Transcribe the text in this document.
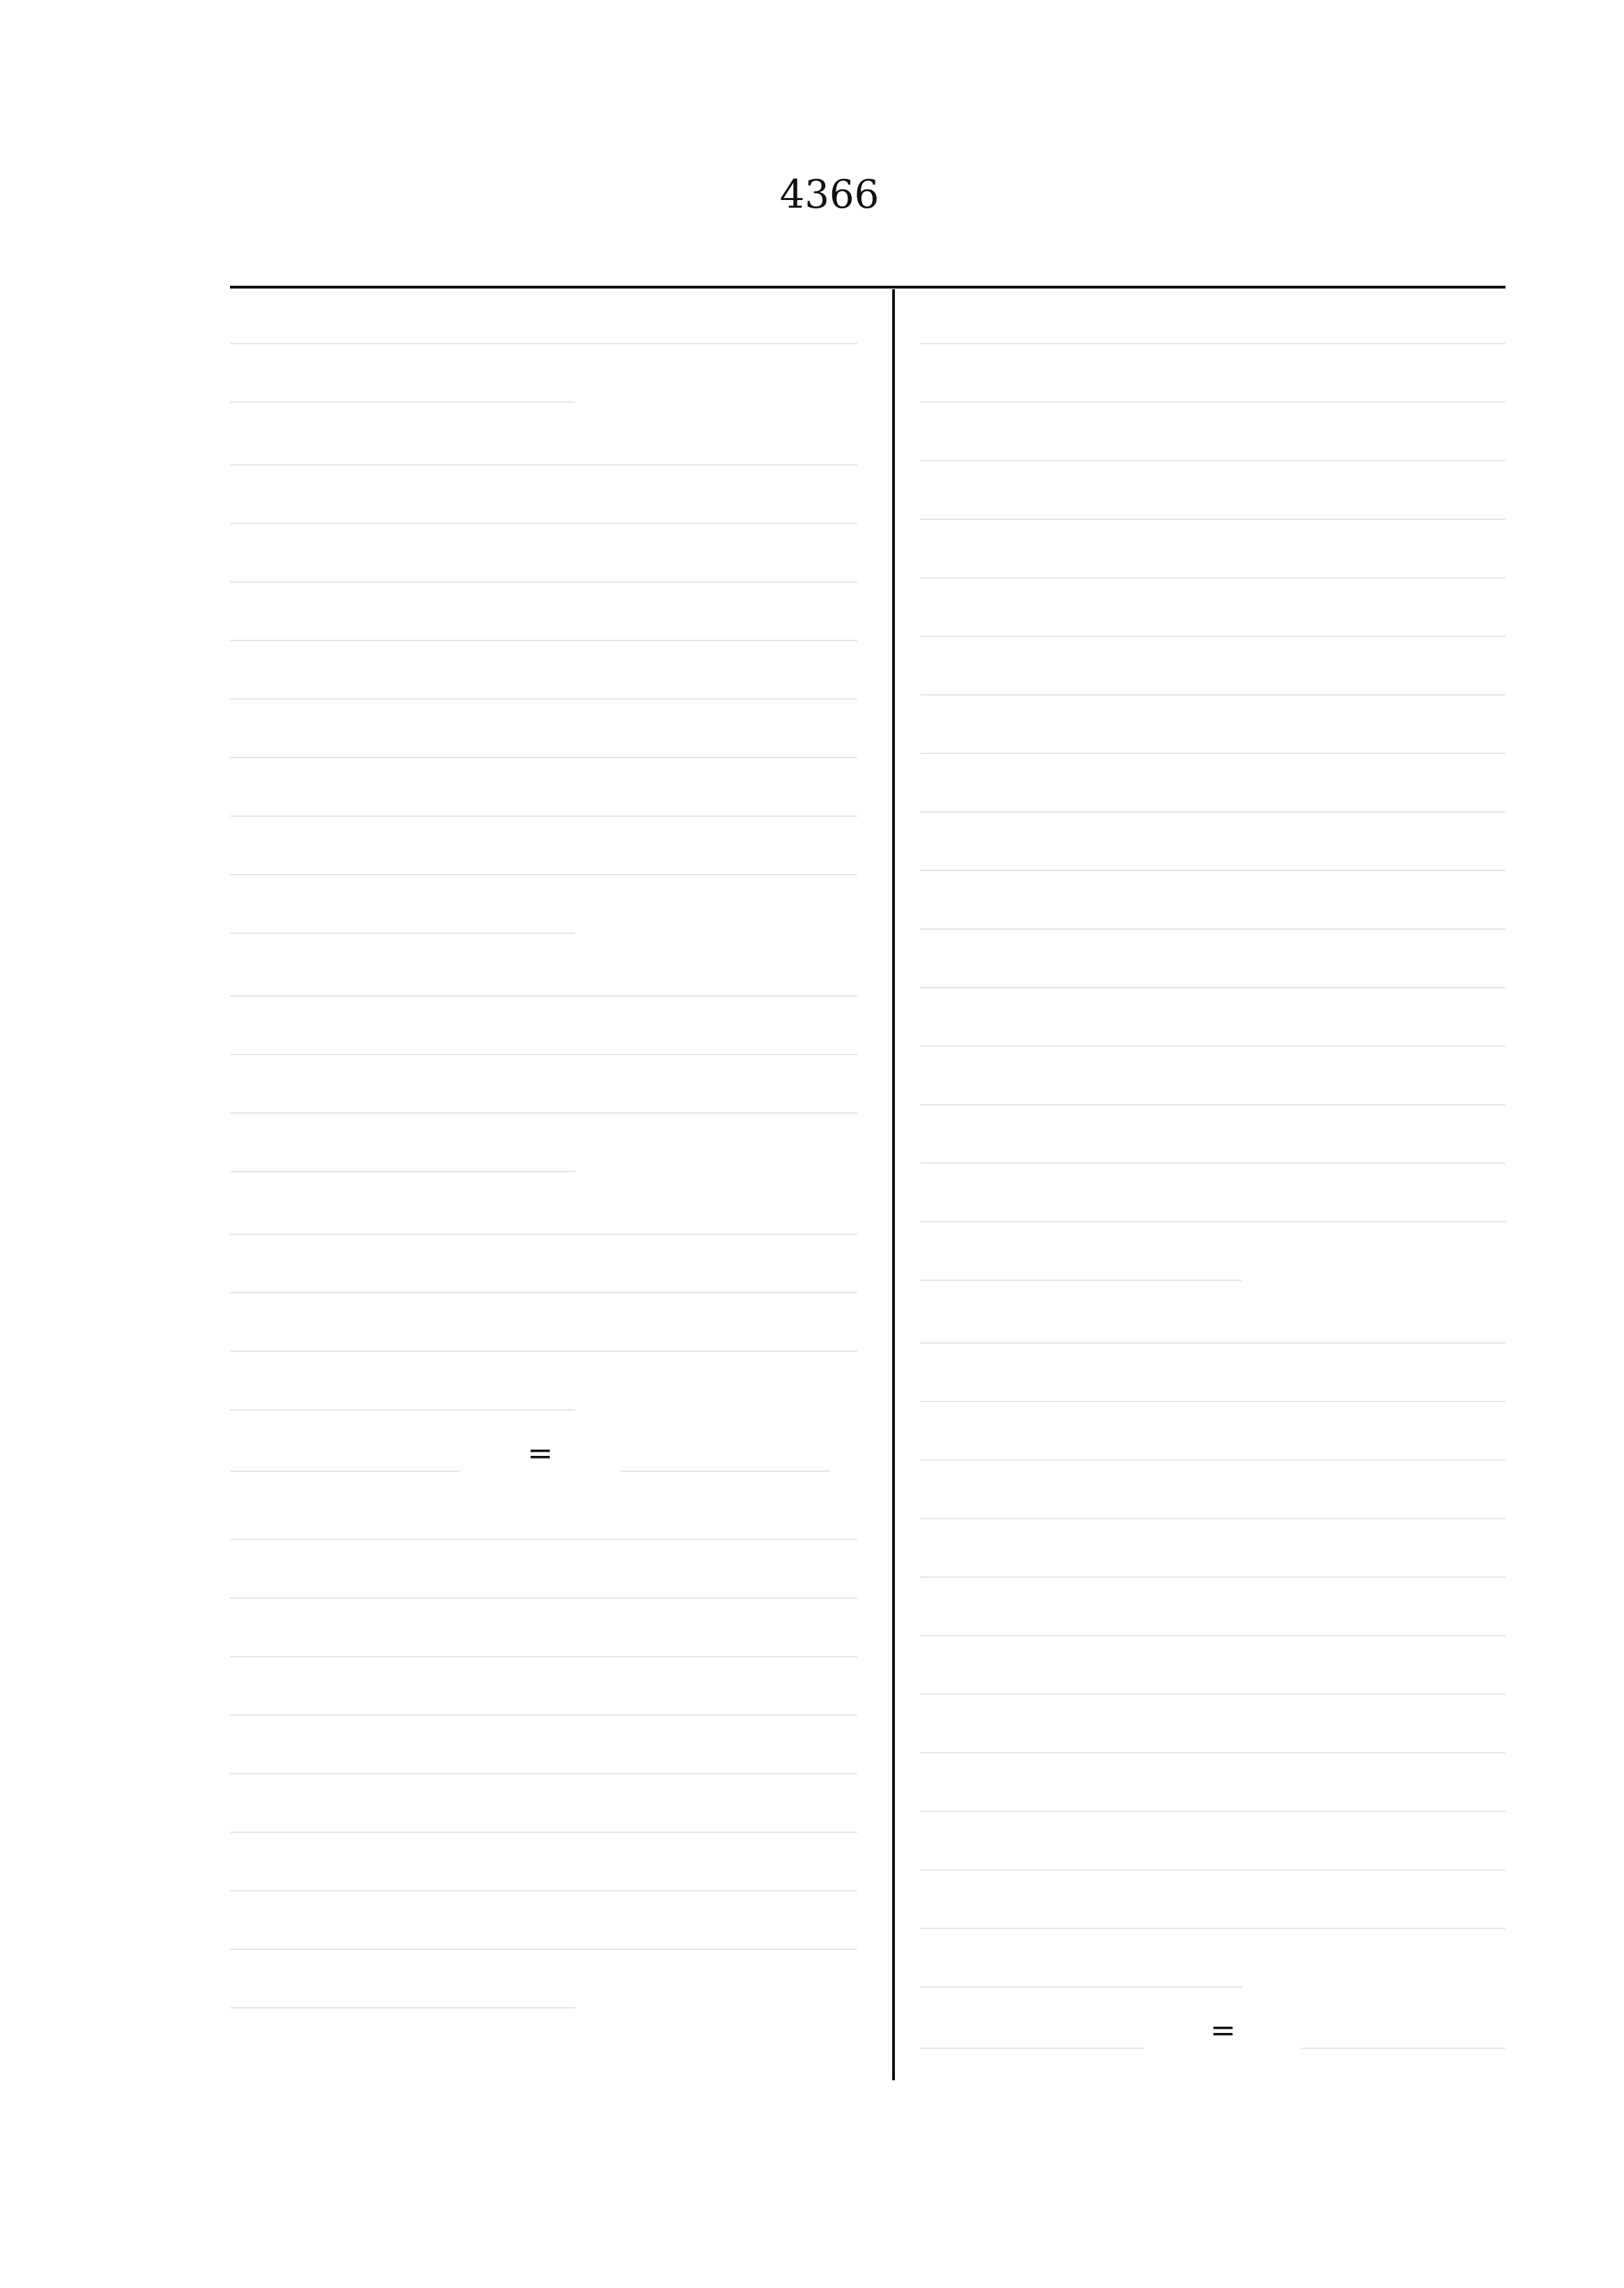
4366
=
=
